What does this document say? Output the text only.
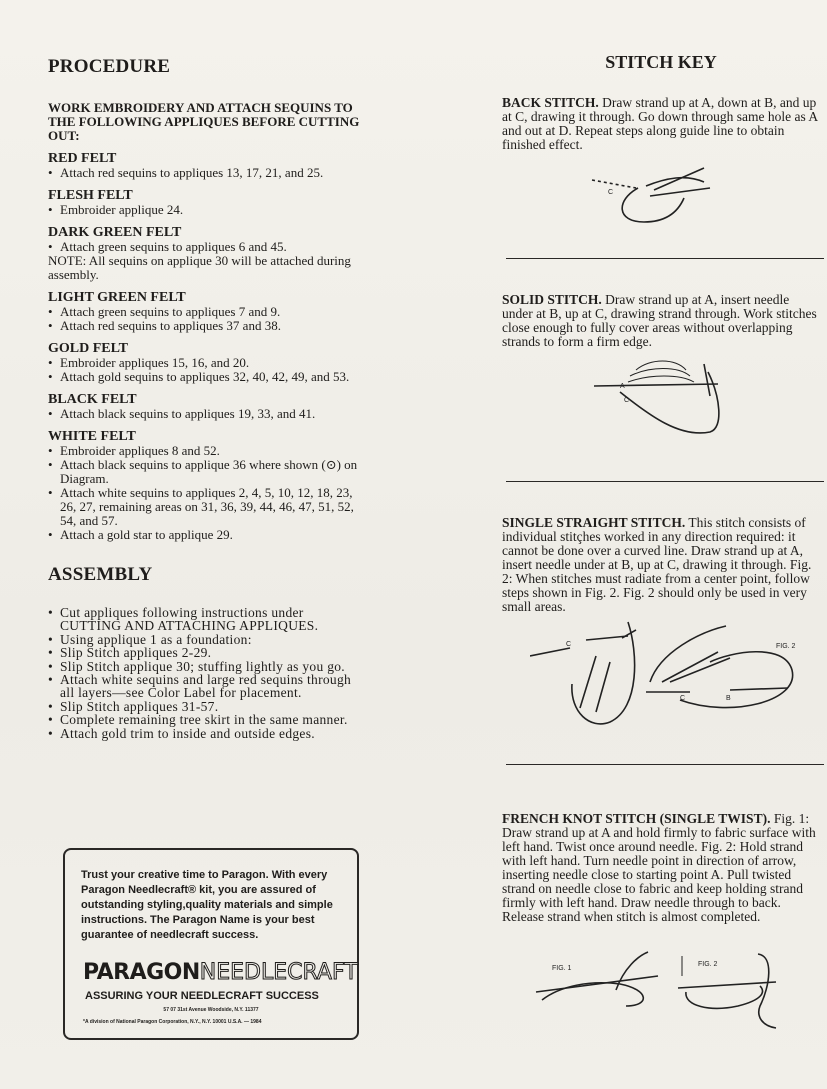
PROCEDURE
WORK EMBROIDERY AND ATTACH SEQUINS TO THE FOLLOWING APPLIQUES BEFORE CUTTING OUT:
RED FELT
• Attach red sequins to appliques 13, 17, 21, and 25.
FLESH FELT
• Embroider applique 24.
DARK GREEN FELT
• Attach green sequins to appliques 6 and 45.
NOTE: All sequins on applique 30 will be attached during assembly.
LIGHT GREEN FELT
• Attach green sequins to appliques 7 and 9.
• Attach red sequins to appliques 37 and 38.
GOLD FELT
• Embroider appliques 15, 16, and 20.
• Attach gold sequins to appliques 32, 40, 42, 49, and 53.
BLACK FELT
• Attach black sequins to appliques 19, 33, and 41.
WHITE FELT
• Embroider appliques 8 and 52.
• Attach black sequins to applique 36 where shown (⊙) on Diagram.
• Attach white sequins to appliques 2, 4, 5, 10, 12, 18, 23, 26, 27, remaining areas on 31, 36, 39, 44, 46, 47, 51, 52, 54, and 57.
• Attach a gold star to applique 29.
ASSEMBLY
• Cut appliques following instructions under CUTTING AND ATTACHING APPLIQUES.
• Using applique 1 as a foundation:
• Slip Stitch appliques 2-29.
• Slip Stitch applique 30; stuffing lightly as you go.
• Attach white sequins and large red sequins through all layers—see Color Label for placement.
• Slip Stitch appliques 31-57.
• Complete remaining tree skirt in the same manner.
• Attach gold trim to inside and outside edges.
Trust your creative time to Paragon. With every Paragon Needlecraft® kit, you are assured of outstanding styling,quality materials and simple instructions. The Paragon Name is your best guarantee of needlecraft success.
PARAGONNEEDLECRAFT
ASSURING YOUR NEEDLECRAFT SUCCESS
57 07 31st Avenue Woodside, N.Y. 11377
*A division of National Paragon Corporation, N.Y., N.Y. 10001 U.S.A. — 1984
STITCH KEY
BACK STITCH. Draw strand up at A, down at B, and up at C, drawing it through. Go down through same hole as A and out at D. Repeat steps along guide line to obtain finished effect.
C
SOLID STITCH. Draw strand up at A, insert needle under at B, up at C, drawing strand through. Work stitches close enough to fully cover areas without overlapping strands to form a firm edge.
A
C
SINGLE STRAIGHT STITCH. This stitch consists of individual stitçhes worked in any direction required: it cannot be done over a curved line. Draw strand up at A, insert needle under at B, up at C, drawing it through. Fig. 2: When stitches must radiate from a center point, follow steps shown in Fig. 2. Fig. 2 should only be used in very small areas.
C	FIG. 2
C	B
FRENCH KNOT STITCH (SINGLE TWIST). Fig. 1: Draw strand up at A and hold firmly to fabric surface with left hand. Twist once around needle. Fig. 2: Hold strand with left hand. Turn needle point in direction of arrow, inserting needle close to starting point A. Pull twisted strand on needle close to fabric and keep holding strand firmly with left hand. Draw needle through to back. Release strand when stitch is almost completed.
FIG. 1
FIG. 2
